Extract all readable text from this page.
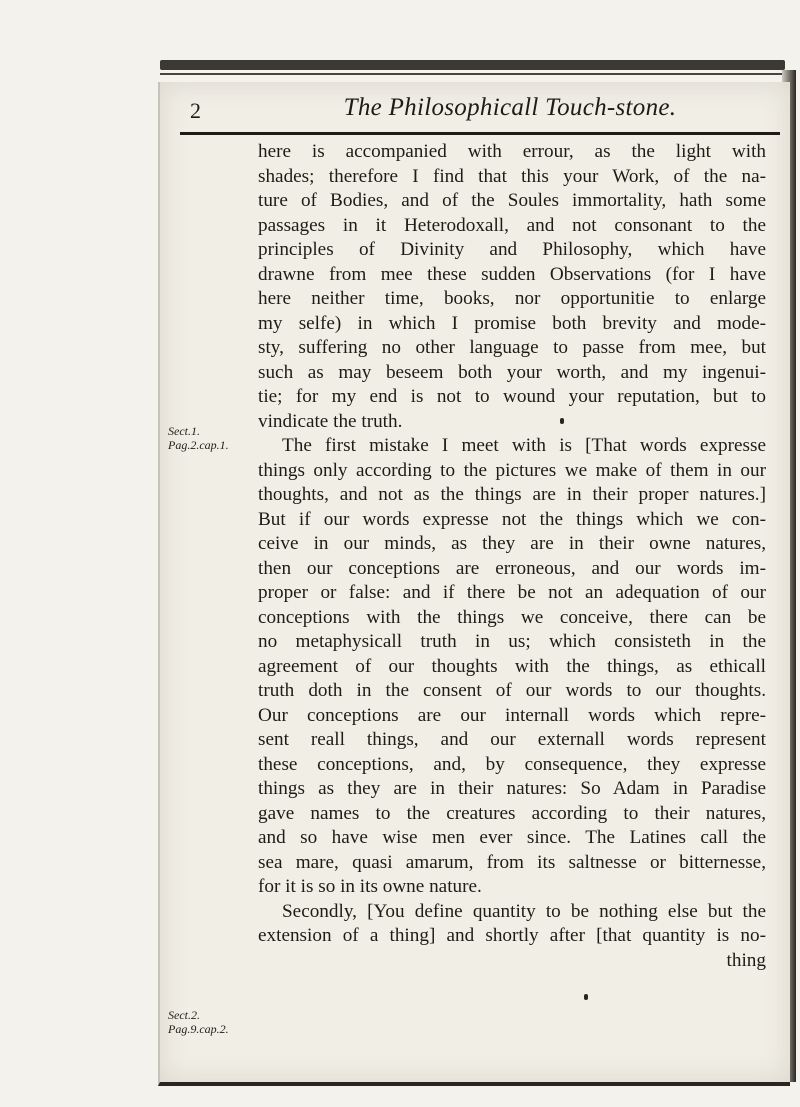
2	The Philosophicall Touch-stone.
Sect.1.
Pag.2.cap.1.
Sect.2.
Pag.9.cap.2.
here is accompanied with errour, as the light with
shades; therefore I find that this your Work, of the na-
ture of Bodies, and of the Soules immortality, hath some
passages in it Heterodoxall, and not consonant to the
principles of Divinity and Philosophy, which have
drawne from mee these sudden Observations (for I have
here neither time, books, nor opportunitie to enlarge
my selfe) in which I promise both brevity and mode-
sty, suffering no other language to passe from mee, but
such as may beseem both your worth, and my ingenui-
tie; for my end is not to wound your reputation, but to
vindicate the truth.
The first mistake I meet with is [That words expresse
things only according to the pictures we make of them in our
thoughts, and not as the things are in their proper natures.]
But if our words expresse not the things which we con-
ceive in our minds, as they are in their owne natures,
then our conceptions are erroneous, and our words im-
proper or false: and if there be not an adequation of our
conceptions with the things we conceive, there can be
no metaphysicall truth in us; which consisteth in the
agreement of our thoughts with the things, as ethicall
truth doth in the consent of our words to our thoughts.
Our conceptions are our internall words which repre-
sent reall things, and our externall words represent
these conceptions, and, by consequence, they expresse
things as they are in their natures: So Adam in Paradise
gave names to the creatures according to their natures,
and so have wise men ever since. The Latines call the
sea mare, quasi amarum, from its saltnesse or bitternesse,
for it is so in its owne nature.
Secondly, [You define quantity to be nothing else but the
extension of a thing] and shortly after [that quantity is no-
thing
